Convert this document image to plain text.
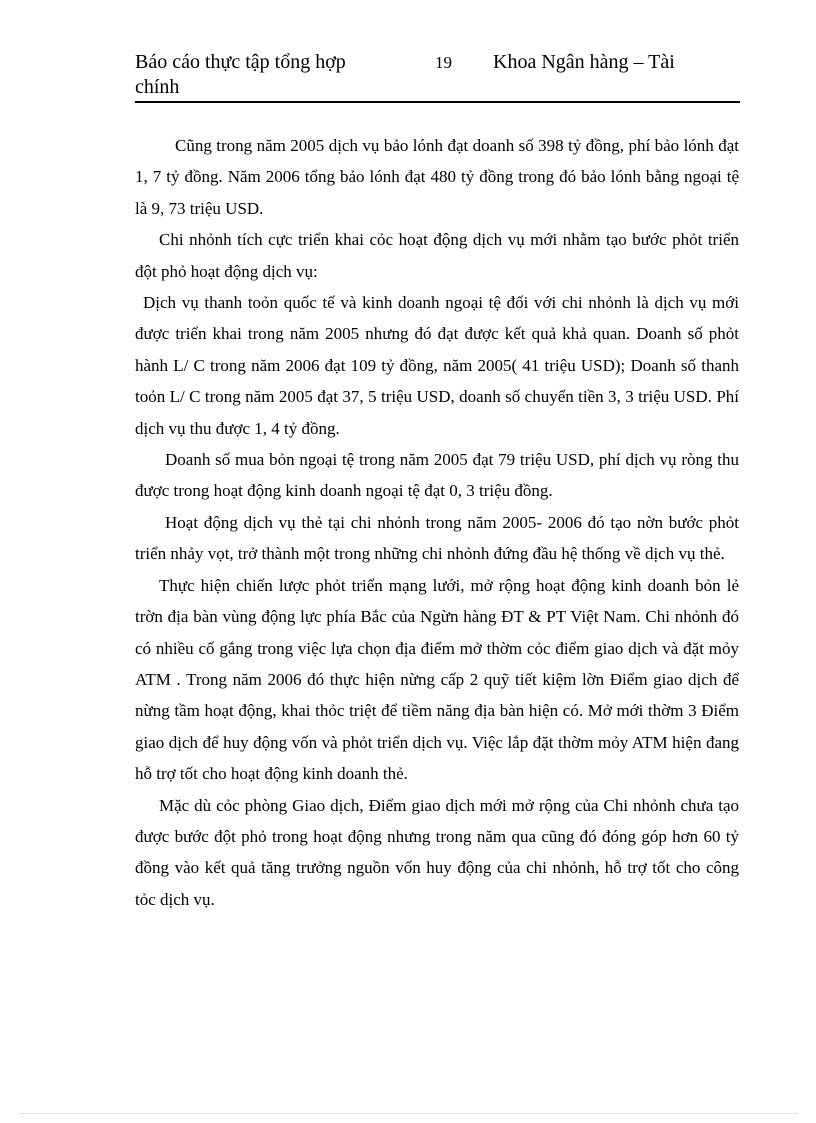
Báo cáo thực tập tổng hợp chính
19 Khoa Ngân hàng – Tài

Cũng trong năm 2005 dịch vụ bảo lónh đạt doanh số 398 tỷ đồng, phí bảo lónh đạt 1, 7 tỷ đồng. Năm 2006 tổng bảo lónh đạt 480 tỷ đồng trong đó bảo lónh bằng ngoại tệ là 9, 73 triệu USD.

Chi nhỏnh tích cực triển khai cỏc hoạt động dịch vụ mới nhằm tạo bước phỏt triển đột phỏ hoạt động dịch vụ:

Dịch vụ thanh toỏn quốc tế và kinh doanh ngoại tệ đối với chi nhỏnh là dịch vụ mới được triển khai trong năm 2005 nhưng đó đạt được kết quả khả quan. Doanh số phỏt hành L/ C trong năm 2006 đạt 109 tỷ đồng, năm 2005( 41 triệu USD); Doanh số thanh toỏn L/ C trong năm 2005 đạt 37, 5 triệu USD, doanh số chuyển tiền 3, 3 triệu USD. Phí dịch vụ thu được 1, 4 tỷ đồng.

Doanh số mua bỏn ngoại tệ trong năm 2005 đạt 79 triệu USD, phí dịch vụ ròng thu được trong hoạt động kinh doanh ngoại tệ đạt 0, 3 triệu đồng.

Hoạt động dịch vụ thẻ tại chi nhỏnh trong năm 2005- 2006 đó tạo nờn bước phỏt triển nhảy vọt, trở thành một trong những chi nhỏnh đứng đầu hệ thống về dịch vụ thẻ.

Thực hiện chiến lược phỏt triển mạng lưới, mở rộng hoạt động kinh doanh bỏn lẻ trờn địa bàn vùng động lực phía Bắc của Ngừn hàng ĐT & PT Việt Nam. Chi nhỏnh đó có nhiều cố gắng trong việc lựa chọn địa điểm mở thờm cỏc điểm giao dịch và đặt mỏy ATM . Trong năm 2006 đó thực hiện nừng cấp 2 quỹ tiết kiệm lờn Điểm giao dịch để nừng tầm hoạt động, khai thỏc triệt để tiềm năng địa bàn hiện có. Mở mới thờm 3 Điểm giao dịch để huy động vốn và phỏt triển dịch vụ. Việc lắp đặt thờm mỏy ATM hiện đang hỗ trợ tốt cho hoạt động kinh doanh thẻ.

Mặc dù cỏc phòng Giao dịch, Điểm giao dịch mới mở rộng của Chi nhỏnh chưa tạo được bước đột phỏ trong hoạt động nhưng trong năm qua cũng đó đóng góp hơn 60 tỷ đồng vào kết quả tăng trưởng nguồn vốn huy động của chi nhỏnh, hỗ trợ tốt cho công tỏc dịch vụ.
